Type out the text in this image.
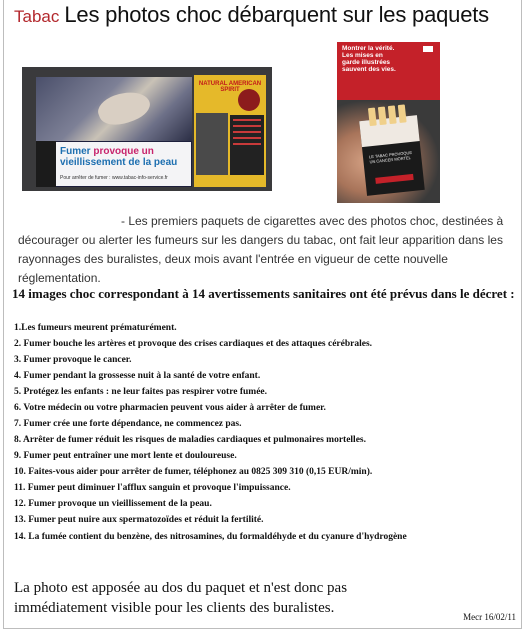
Tabac Les photos choc débarquent sur les paquets
Fumer provoque un
vieillissement de la peau
Pour arrêter de fumer : www.tabac-info-service.fr
NATURAL AMERICAN SPIRIT
Montrer la vérité. Les mises en garde illustrées sauvent des vies.
LE TABAC PROVOQUE UN CANCER MORTEL
- Les premiers paquets de cigarettes avec des photos choc, destinées à décourager ou alerter les fumeurs sur les dangers du tabac, ont fait leur apparition dans les rayonnages des buralistes, deux mois avant l'entrée en vigueur de cette nouvelle réglementation.
14 images choc correspondant à 14 avertissements sanitaires ont été prévus dans le décret :
1.Les fumeurs meurent prématurément.
2. Fumer bouche les artères et provoque des crises cardiaques et des attaques cérébrales.
3. Fumer provoque le cancer.
4. Fumer pendant la grossesse nuit à la santé de votre enfant.
5. Protégez les enfants : ne leur faites pas respirer votre fumée.
6. Votre médecin ou votre pharmacien peuvent vous aider à arrêter de fumer.
7. Fumer crée une forte dépendance, ne commencez pas.
8. Arrêter de fumer réduit les risques de maladies cardiaques et pulmonaires mortelles.
9. Fumer peut entraîner une mort lente et douloureuse.
10. Faites-vous aider pour arrêter de fumer, téléphonez au 0825 309 310 (0,15 EUR/min).
11. Fumer peut diminuer l'afflux sanguin et provoque l'impuissance.
12. Fumer provoque un vieillissement de la peau.
13. Fumer peut nuire aux spermatozoïdes et réduit la fertilité.
14. La fumée contient du benzène, des nitrosamines, du formaldéhyde et du cyanure d'hydrogène
La photo est apposée au dos du paquet et n'est donc pas immédiatement visible pour les clients des buralistes.
Mecr 16/02/11
